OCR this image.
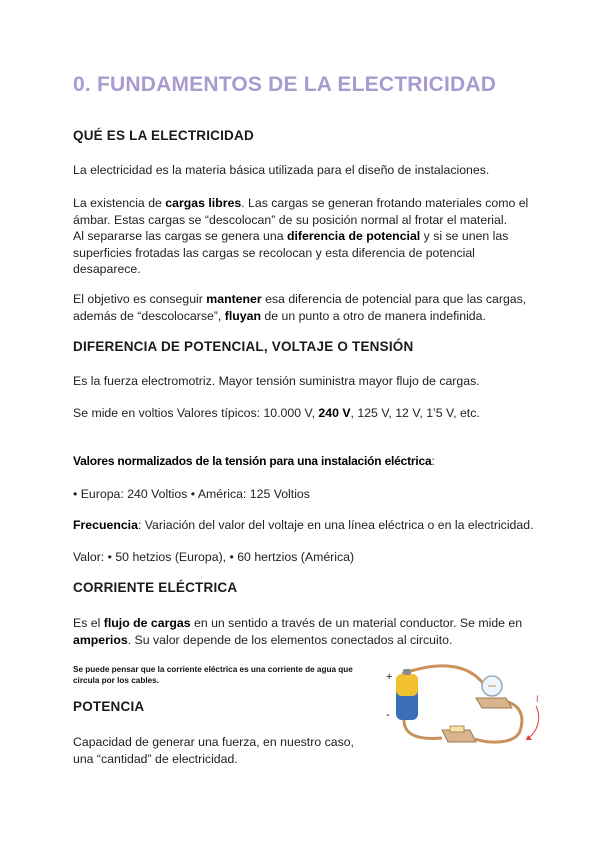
0. FUNDAMENTOS DE LA ELECTRICIDAD
QUÉ ES LA ELECTRICIDAD
La electricidad es la materia básica utilizada para el diseño de instalaciones.
La existencia de cargas libres. Las cargas se generan frotando materiales como el ámbar. Estas cargas se “descolocan” de su posición normal al frotar el material.
Al separarse las cargas se genera una diferencia de potencial y si se unen las superficies frotadas las cargas se recolocan y esta diferencia de potencial desaparece.
El objetivo es conseguir mantener esa diferencia de potencial para que las cargas, además de “descolocarse”, fluyan de un punto a otro de manera indefinida.
DIFERENCIA DE POTENCIAL, VOLTAJE O TENSIÓN
Es la fuerza electromotriz. Mayor tensión suministra mayor flujo de cargas.
Se mide en voltios Valores típicos: 10.000 V, 240 V, 125 V, 12 V, 1’5 V, etc.
Valores normalizados de la tensión para una instalación eléctrica:
• Europa: 240 Voltios • América: 125 Voltios
Frecuencia: Variación del valor del voltaje en una línea eléctrica o en la electricidad.
Valor: • 50 hetzios (Europa), • 60 hertzios (América)
CORRIENTE ELÉCTRICA
Es el flujo de cargas en un sentido a través de un material conductor. Se mide en amperios. Su valor depende de los elementos conectados al circuito.
Se puede pensar que la corriente eléctrica es una corriente de agua que circula por los cables.
POTENCIA
Capacidad de generar una fuerza, en nuestro caso, una “cantidad” de electricidad.
+
-
I
